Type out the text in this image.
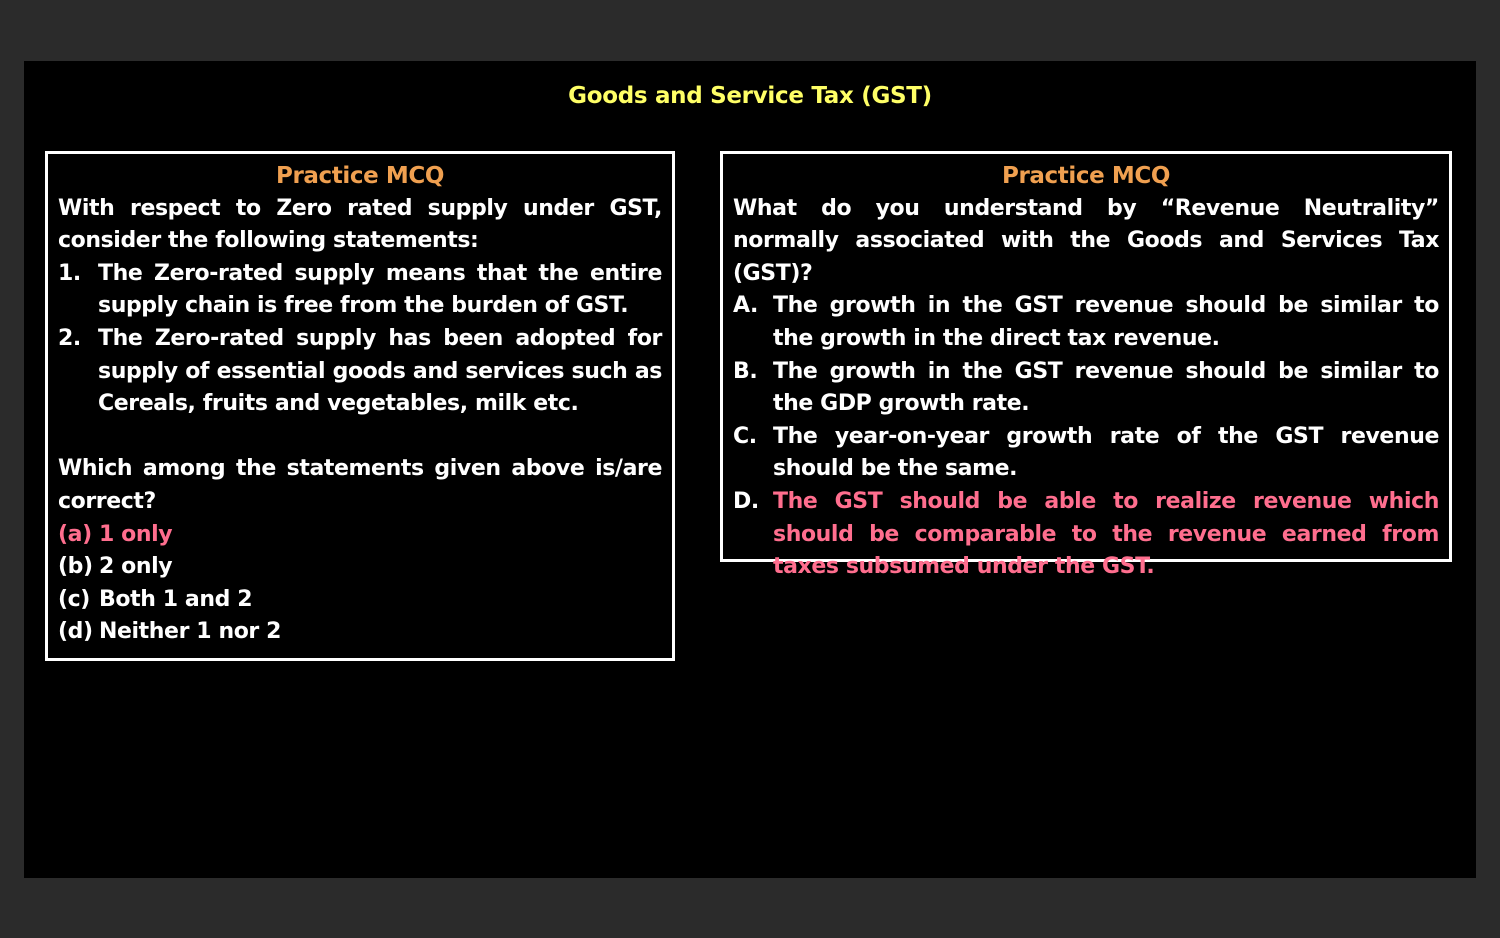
Goods and Service Tax (GST)
Practice MCQ
With respect to Zero rated supply under GST, consider the following statements:
1. The Zero-rated supply means that the entire supply chain is free from the burden of GST.
2. The Zero-rated supply has been adopted for supply of essential goods and services such as Cereals, fruits and vegetables, milk etc.
Which among the statements given above is/are correct?
(a) 1 only
(b) 2 only
(c) Both 1 and 2
(d) Neither 1 nor 2
Practice MCQ
What do you understand by “Revenue Neutrality” normally associated with the Goods and Services Tax (GST)?
A. The growth in the GST revenue should be similar to the growth in the direct tax revenue.
B. The growth in the GST revenue should be similar to the GDP growth rate.
C. The year-on-year growth rate of the GST revenue should be the same.
D. The GST should be able to realize revenue which should be comparable to the revenue earned from taxes subsumed under the GST.
